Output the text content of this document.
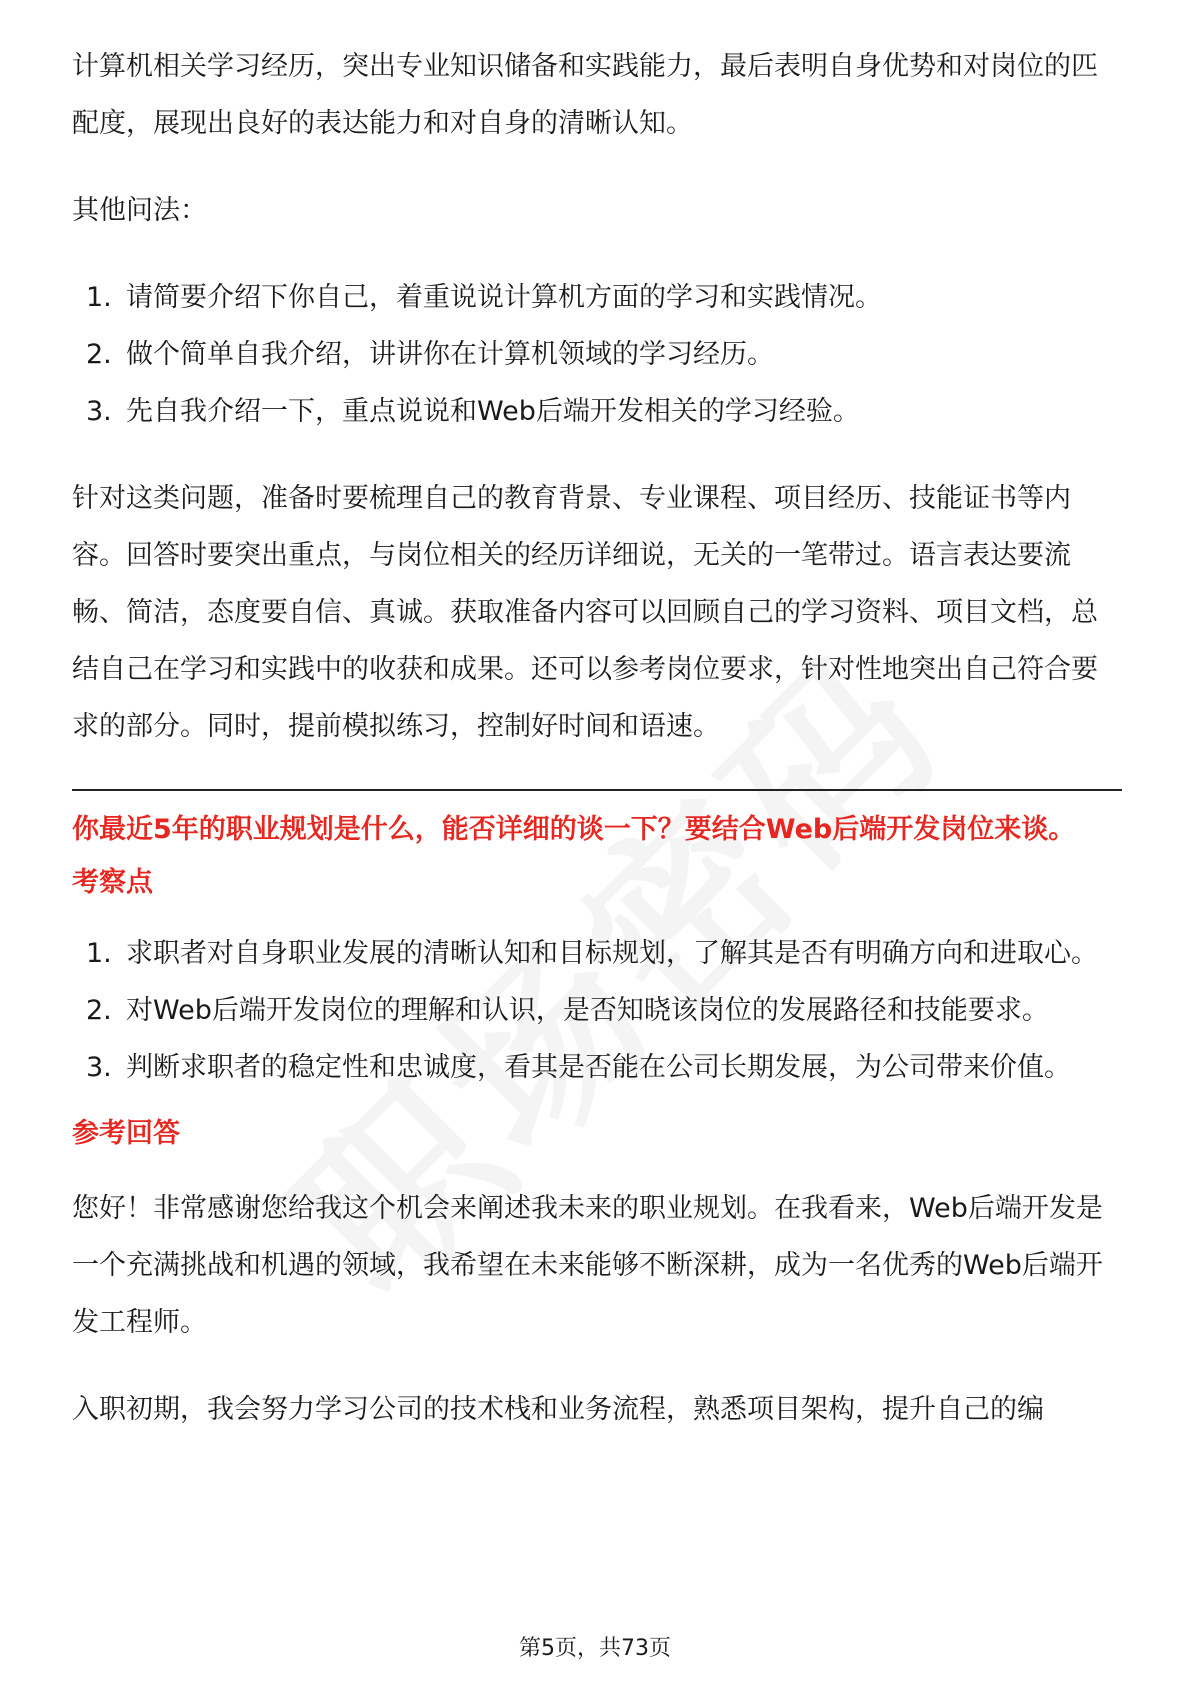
计算机相关学习经历，突出专业知识储备和实践能力，最后表明自身优势和对岗位的匹配度，展现出良好的表达能力和对自身的清晰认知。

其他问法：

1. 请简要介绍下你自己，着重说说计算机方面的学习和实践情况。
2. 做个简单自我介绍，讲讲你在计算机领域的学习经历。
3. 先自我介绍一下，重点说说和Web后端开发相关的学习经验。

针对这类问题，准备时要梳理自己的教育背景、专业课程、项目经历、技能证书等内容。回答时要突出重点，与岗位相关的经历详细说，无关的一笔带过。语言表达要流畅、简洁，态度要自信、真诚。获取准备内容可以回顾自己的学习资料、项目文档，总结自己在学习和实践中的收获和成果。还可以参考岗位要求，针对性地突出自己符合要求的部分。同时，提前模拟练习，控制好时间和语速。

你最近5年的职业规划是什么，能否详细的谈一下？要结合Web后端开发岗位来谈。

考察点

1. 求职者对自身职业发展的清晰认知和目标规划，了解其是否有明确方向和进取心。
2. 对Web后端开发岗位的理解和认识，是否知晓该岗位的发展路径和技能要求。
3. 判断求职者的稳定性和忠诚度，看其是否能在公司长期发展，为公司带来价值。

参考回答

您好！非常感谢您给我这个机会来阐述我未来的职业规划。在我看来，Web后端开发是一个充满挑战和机遇的领域，我希望在未来能够不断深耕，成为一名优秀的Web后端开发工程师。

入职初期，我会努力学习公司的技术栈和业务流程，熟悉项目架构，提升自己的编

第5页，共73页
